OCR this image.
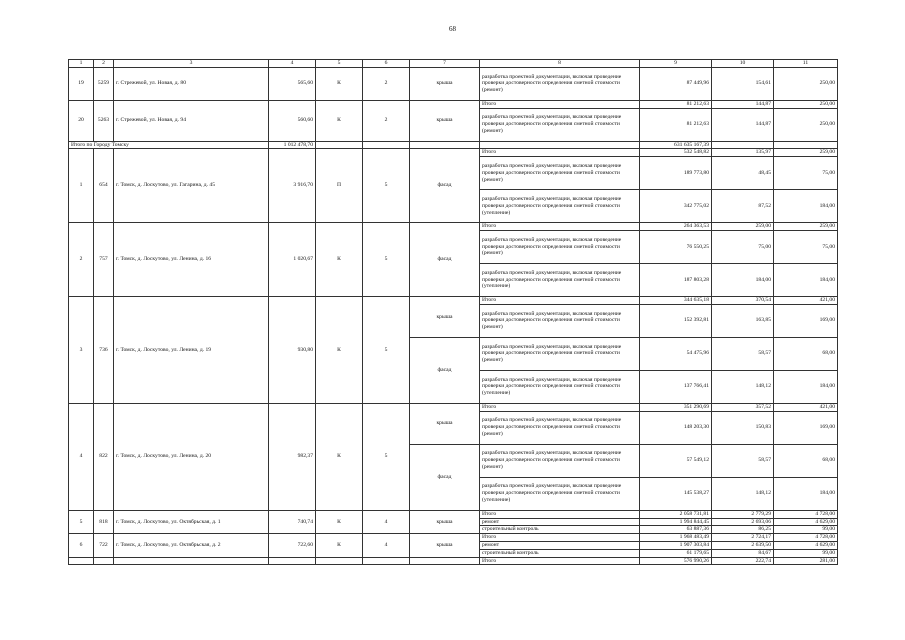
68
1	2	3	4	5	6	7	8	9	10	11
19	5259	г. Стрежевой, ул. Новая, д. 80	565,60	К	2	крыша	разработка проектной документации, включая проведение проверки достоверности определения сметной стоимости (ремонт)	87 449,96	154,61	250,00
20	5263	г. Стрежевой, ул. Новая, д. 94	560,60	К	2	крыша	Итого	81 212,63	144,87	250,00
							разработка проектной документации, включая проведение проверки достоверности определения сметной стоимости (ремонт)	81 212,63	144,87	250,00
Итого по Городу Томску			1 012 478,70					631 635 167,39		
1	654	г. Томск, д. Лоскутово, ул. Гагарина, д. 45	3 916,70	П	5	фасад	Итого	532 548,82	135,97	259,00
							разработка проектной документации, включая проведение проверки достоверности определения сметной стоимости (ремонт)	189 773,80	48,45	75,00
							разработка проектной документации, включая проведение проверки достоверности определения сметной стоимости (утепление)	342 775,02	87,52	184,00
2	757	г. Томск, д. Лоскутово, ул. Ленина, д. 16	1 020,67	К	5	фасад	Итого	264 363,53	259,00	259,00
							разработка проектной документации, включая проведение проверки достоверности определения сметной стоимости (ремонт)	76 550,25	75,00	75,00
							разработка проектной документации, включая проведение проверки достоверности определения сметной стоимости (утепление)	187 803,28	184,00	184,00
3	736	г. Томск, д. Лоскутово, ул. Ленина, д. 19	930,80	К	5	крыша	Итого	344 635,18	370,54	421,00
							разработка проектной документации, включая проведение проверки достоверности определения сметной стоимости (ремонт)	152 392,81	163,85	169,00
						фасад	разработка проектной документации, включая проведение проверки достоверности определения сметной стоимости (ремонт)	54 475,96	58,57	68,00
							разработка проектной документации, включая проведение проверки достоверности определения сметной стоимости (утепление)	137 766,41	148,12	184,00
4	822	г. Томск, д. Лоскутово, ул. Ленина, д. 20	982,37	К	5	крыша	Итого	351 290,69	357,52	421,00
							разработка проектной документации, включая проведение проверки достоверности определения сметной стоимости (ремонт)	148 203,30	150,83	169,00
						фасад	разработка проектной документации, включая проведение проверки достоверности определения сметной стоимости (ремонт)	57 549,12	58,57	68,00
							разработка проектной документации, включая проведение проверки достоверности определения сметной стоимости (утепление)	145 538,27	148,12	184,00
5	818	г. Томск, д. Лоскутово, ул. Октябрьская, д. 1	740,74	К	4	крыша	Итого	2 058 731,81	2 779,29	4 728,00
							ремонт	1 994 844,45	2 693,06	4 629,00
							строительный контроль	63 887,36	86,25	99,00
6	722	г. Томск, д. Лоскутово, ул. Октябрьская, д. 2	722,60	К	4	крыша	Итого	1 968 483,49	2 724,17	4 728,00
							ремонт	1 907 303,84	2 639,50	4 629,00
							строительный контроль	61 179,65	84,67	99,00
							Итого	576 990,26	222,74	281,00
